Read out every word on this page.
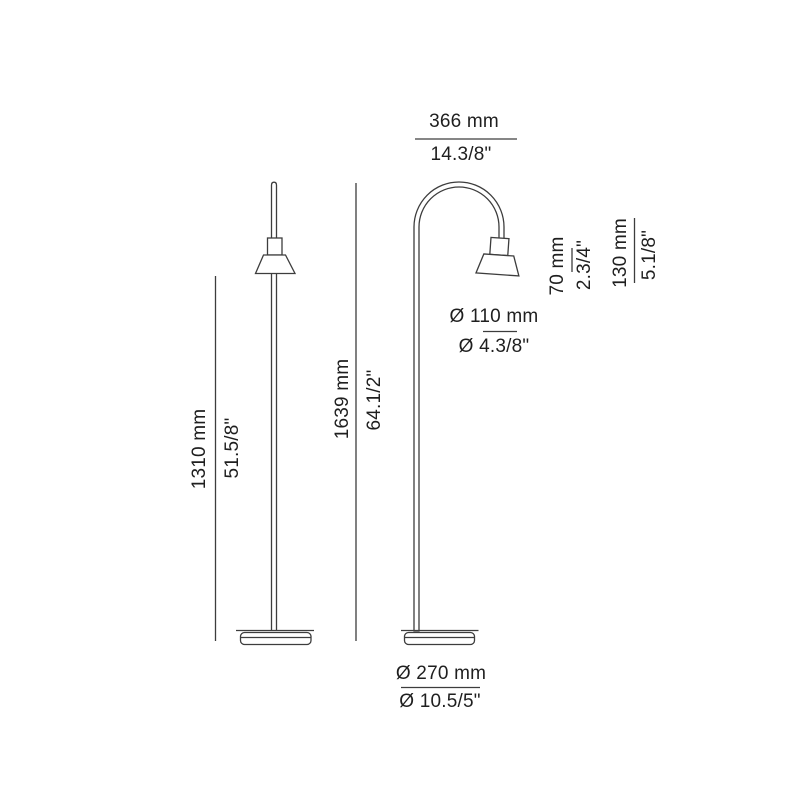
366 mm
14.3/8"
Ø 110 mm
Ø 4.3/8"
70 mm 2.3/4" 130 mm 5.1/8"
1639 mm 64.1/2"
1310 mm 51.5/8"
Ø 270 mm
Ø 10.5/5"
